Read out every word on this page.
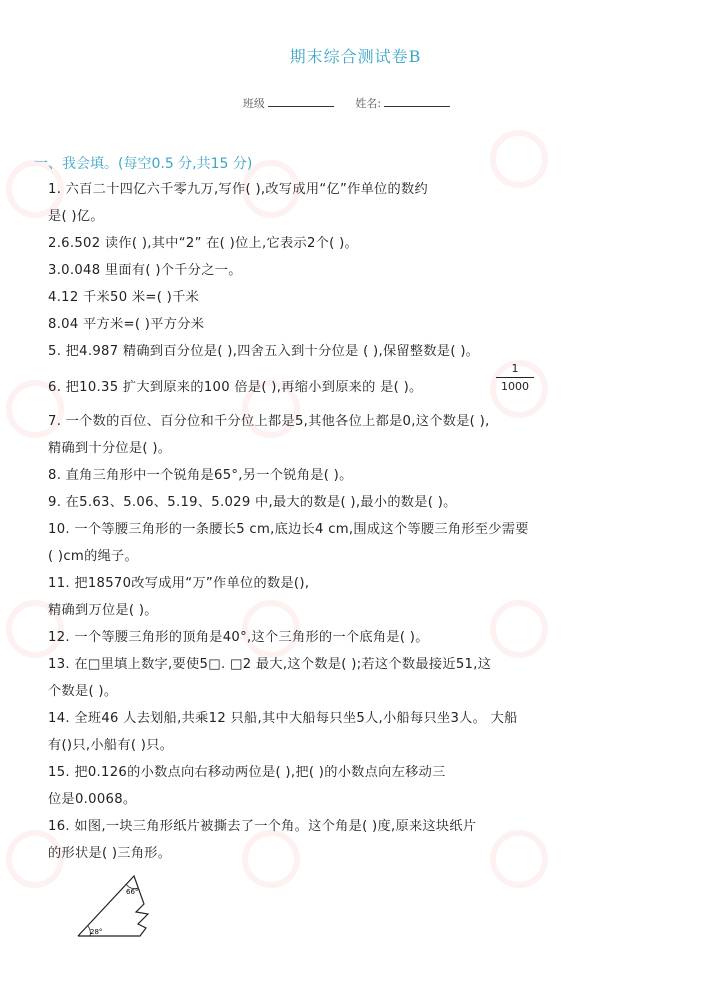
期末综合测试卷B
班级	姓名:
一、我会填。(每空0.5 分,共15 分)
1. 六百二十四亿六千零九万,写作( ),改写成用“亿”作单位的数约
是( )亿。
2.6.502 读作( ),其中“2” 在( )位上,它表示2个( )。
3.0.048 里面有( )个千分之一。
4.12 千米50 米=( )千米
8.04 平方米=( )平方分米
5. 把4.987 精确到百分位是( ),四舍五入到十分位是 ( ),保留整数是( )。
6. 把10.35 扩大到原来的100 倍是( ),再缩小到原来的 是( )。	$\frac{1}{1000}$
7. 一个数的百位、百分位和千分位上都是5,其他各位上都是0,这个数是( ),
精确到十分位是( )。
8. 直角三角形中一个锐角是65°,另一个锐角是( )。
9. 在5.63、5.06、5.19、5.029 中,最大的数是( ),最小的数是( )。
10. 一个等腰三角形的一条腰长5 cm,底边长4 cm,围成这个等腰三角形至少需要
( )cm的绳子。
11. 把18570改写成用“万”作单位的数是(),
精确到万位是( )。
12. 一个等腰三角形的顶角是40°,这个三角形的一个底角是( )。
13. 在□里填上数字,要使5□. □2 最大,这个数是( );若这个数最接近51,这
个数是( )。
14. 全班46 人去划船,共乘12 只船,其中大船每只坐5人,小船每只坐3人。 大船
有()只,小船有( )只。
15. 把0.126的小数点向右移动两位是( ),把( )的小数点向左移动三
位是0.0068。
16. 如图,一块三角形纸片被撕去了一个角。这个角是( )度,原来这块纸片
的形状是( )三角形。
66°
28°
